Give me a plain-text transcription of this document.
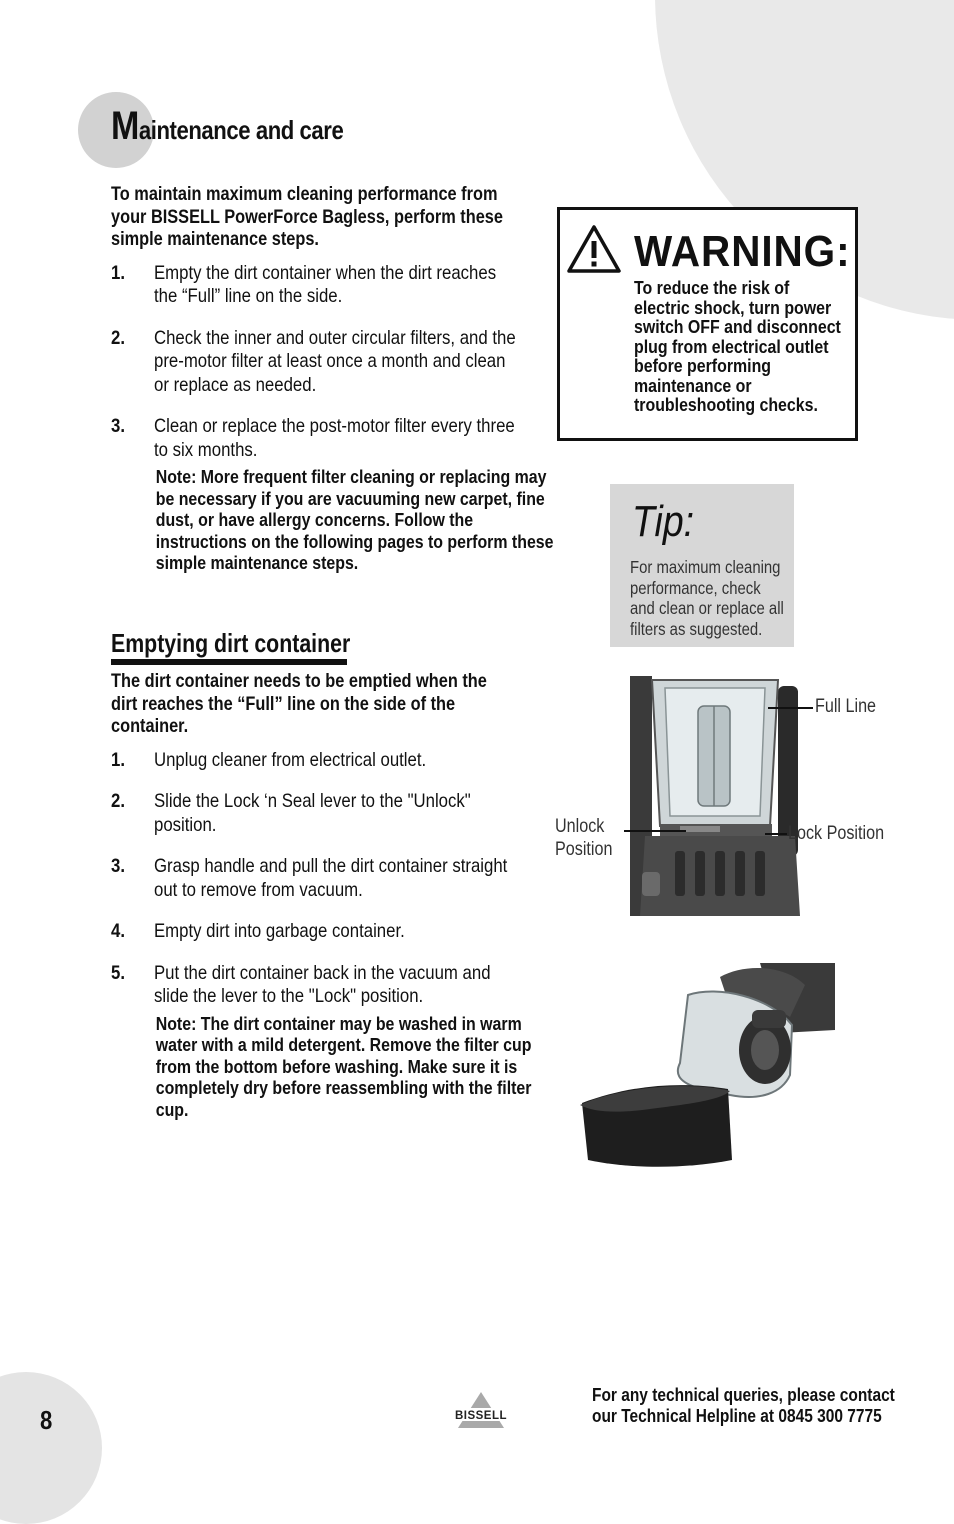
Maintenance and care

To maintain maximum cleaning performance from your BISSELL PowerForce Bagless, perform these simple maintenance steps.

1. Empty the dirt container when the dirt reaches the “Full” line on the side.
2. Check the inner and outer circular filters, and the pre-motor filter at least once a month and clean or replace as needed.
3. Clean or replace the post-motor filter every three to six months.

Note: More frequent filter cleaning or replacing may be necessary if you are vacuuming new carpet, fine dust, or have allergy concerns. Follow the instructions on the following pages to perform these simple maintenance steps.

Emptying dirt container

The dirt container needs to be emptied when the dirt reaches the “Full” line on the side of the container.

1. Unplug cleaner from electrical outlet.
2. Slide the Lock ‘n Seal lever to the "Unlock" position.
3. Grasp handle and pull the dirt container straight out to remove from vacuum.
4. Empty dirt into garbage container.
5. Put the dirt container back in the vacuum and slide the lever to the "Lock" position.

Note: The dirt container may be washed in warm water with a mild detergent. Remove the filter cup from the bottom before washing. Make sure it is completely dry before reassembling with the filter cup.

WARNING:
To reduce the risk of electric shock, turn power switch OFF and disconnect plug from electrical outlet before performing maintenance or troubleshooting checks.
Tip:
For maximum cleaning performance, check and clean or replace all filters as suggested.
Full Line
Unlock
Position
Lock Position
8	BISSELL
For any technical queries, please contact our Technical Helpline at 0845 300 7775
